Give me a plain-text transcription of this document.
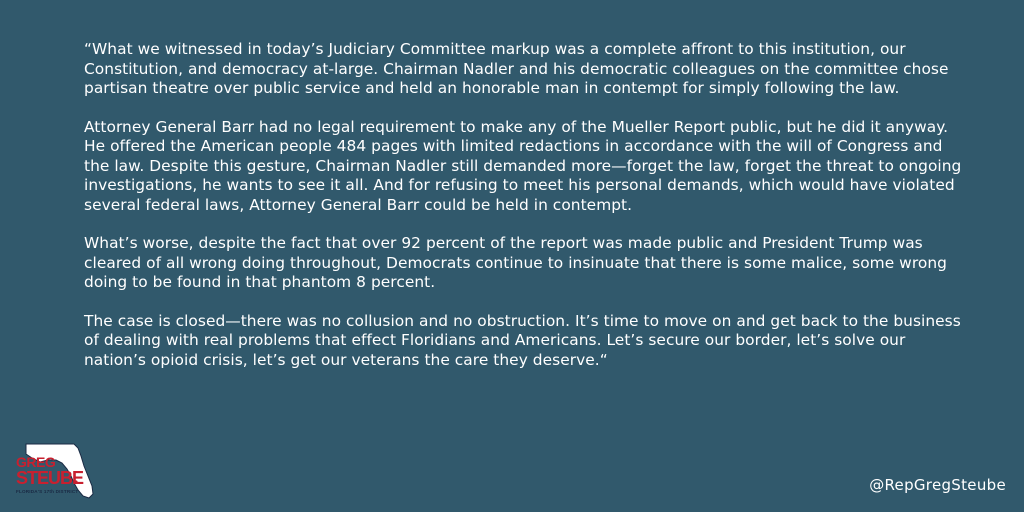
“What we witnessed in today’s Judiciary Committee markup was a complete affront to this institution, our Constitution, and democracy at-large. Chairman Nadler and his democratic colleagues on the committee chose partisan theatre over public service and held an honorable man in contempt for simply following the law.

Attorney General Barr had no legal requirement to make any of the Mueller Report public, but he did it anyway. He offered the American people 484 pages with limited redactions in accordance with the will of Congress and the law. Despite this gesture, Chairman Nadler still demanded more—forget the law, forget the threat to ongoing investigations, he wants to see it all. And for refusing to meet his personal demands, which would have violated several federal laws, Attorney General Barr could be held in contempt.

What’s worse, despite the fact that over 92 percent of the report was made public and President Trump was cleared of all wrong doing throughout, Democrats continue to insinuate that there is some malice, some wrong doing to be found in that phantom 8 percent.

The case is closed—there was no collusion and no obstruction. It’s time to move on and get back to the business of dealing with real problems that effect Floridians and Americans. Let’s secure our border, let’s solve our nation’s opioid crisis, let’s get our veterans the care they deserve.“

GREG
STEUBE
FLORIDA'S 17th DISTRICT	@RepGregSteube
